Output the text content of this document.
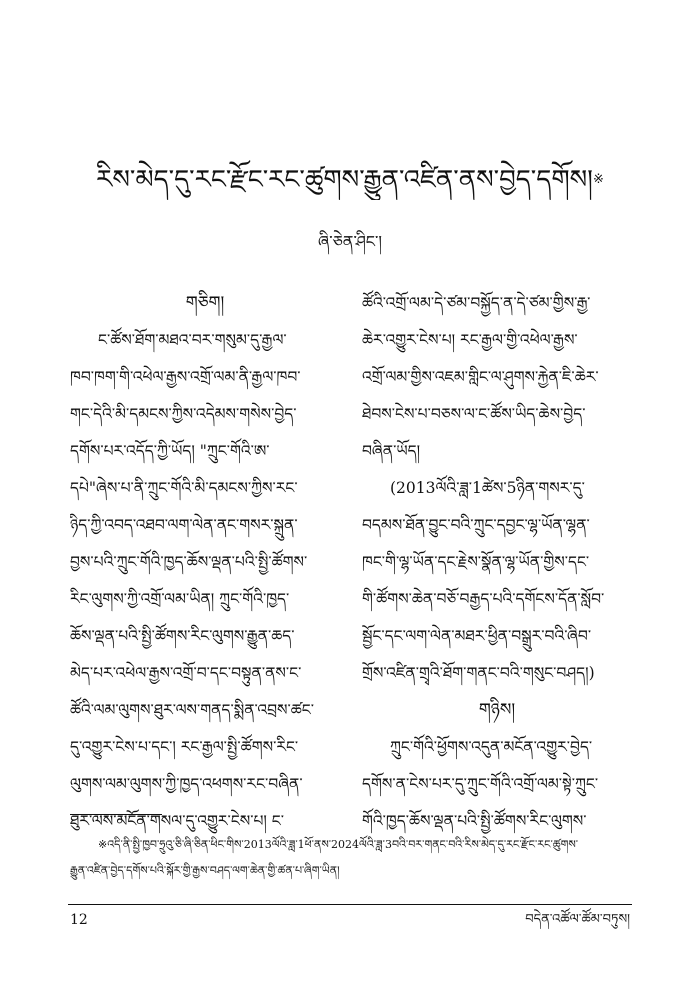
རིས་མེད་དུ་རང་རྫོང་རང་ཚུགས་རྒྱུན་འཛིན་ནས་བྱེད་དགོས།※
ཞི་ཅེན་ཤིང་།
གཅིག།
ང་ཚོས་ཐོག་མཐའ་བར་གསུམ་དུ་རྒྱལ་
ཁབ་ཁག་གི་འཕེལ་རྒྱས་འགྲོ་ལམ་ནི་རྒྱལ་ཁབ་
གང་དེའི་མི་དམངས་ཀྱིས་འདེམས་གསེས་བྱེད་
དགོས་པར་འདོད་ཀྱི་ཡོད། "ཀྲུང་གོའི་ཨ་
དཔེ"ཞེས་པ་ནི་ཀྲུང་གོའི་མི་དམངས་ཀྱིས་རང་
ཉིད་ཀྱི་འབད་འཐབ་ལག་ལེན་ནང་གསར་སྐྲུན་
བྱས་པའི་ཀྲུང་གོའི་ཁྱད་ཆོས་ལྡན་པའི་སྤྱི་ཚོགས་
རིང་ལུགས་ཀྱི་འགྲོ་ལམ་ཡིན། ཀྲུང་གོའི་ཁྱད་
ཆོས་ལྡན་པའི་སྤྱི་ཚོགས་རིང་ལུགས་རྒྱུན་ཆད་
མེད་པར་འཕེལ་རྒྱས་འགྲོ་བ་དང་བསྟུན་ནས་ང་
ཚོའི་ལམ་ལུགས་ཐུར་ལས་གནད་སྨིན་འབྲས་ཚང་
དུ་འགྱུར་ངེས་པ་དང་། རང་རྒྱལ་སྤྱི་ཚོགས་རིང་
ལུགས་ལམ་ལུགས་ཀྱི་ཁྱད་འཕགས་རང་བཞིན་
ཐུར་ལས་མངོན་གསལ་དུ་འགྱུར་ངེས་པ། ང་
ཚོའི་འགྲོ་ལམ་དེ་ཙམ་བསྐྱོད་ན་དེ་ཙམ་གྱིས་རྒྱ་
ཆེར་འགྱུར་ངེས་པ། རང་རྒྱལ་གྱི་འཕེལ་རྒྱས་
འགྲོ་ལམ་གྱིས་འཇམ་གླིང་ལ་ཤུགས་རྐྱེན་ཇི་ཆེར་
ཐེབས་ངེས་པ་བཅས་ལ་ང་ཚོས་ཡིད་ཆེས་བྱེད་
བཞིན་ཡོད།
(2013ལོའི་ཟླ་1ཚེས་5ཉིན་གསར་དུ་
བདམས་ཐོན་བྱུང་བའི་ཀྲུང་དབྱང་ལྷ་ཡོན་ལྷན་
ཁང་གི་ལྷ་ཡོན་དང་རྗེས་སྣོན་ལྷ་ཡོན་གྱིས་དང་
གི་ཚོགས་ཆེན་བཅོ་བརྒྱད་པའི་དགོངས་དོན་སློབ་
སྦྱོང་དང་ལག་ལེན་མཐར་ཕྱིན་བསྒྲུར་བའི་ཞིབ་
གྲོས་འཛིན་གྲྭའི་ཐོག་གནང་བའི་གསུང་བཤད།)
གཉིས།
ཀྲུང་གོའི་ཕྱོགས་འདུན་མངོན་འགྱུར་བྱེད་
དགོས་ན་ངེས་པར་དུ་ཀྲུང་གོའི་འགྲོ་ལམ་སྟེ་ཀྲུང་
གོའི་ཁྱད་ཆོས་ལྡན་པའི་སྤྱི་ཚོགས་རིང་ལུགས་
※འདི་ནི་སྤྱི་ཁྱབ་ཧྲུའུ་ཅི་ཞི་ཅིན་ཕིང་གིས་2013ལོའི་ཟླ་1ཕོ་ནས་2024ལོའི་ཟླ་3བའི་བར་གནང་བའི་རིས་མེད་དུ་རང་རྫོང་རང་ཚུགས་
རྒྱུན་འཛིན་བྱེད་དགོས་པའི་སྐོར་གྱི་རྒྱས་བཤད་ལག་ཆེན་གྱི་ཚན་པ་ཞིག་ཡིན།
12	བདེན་འཚོལ་ཚོམ་བཏུས།
